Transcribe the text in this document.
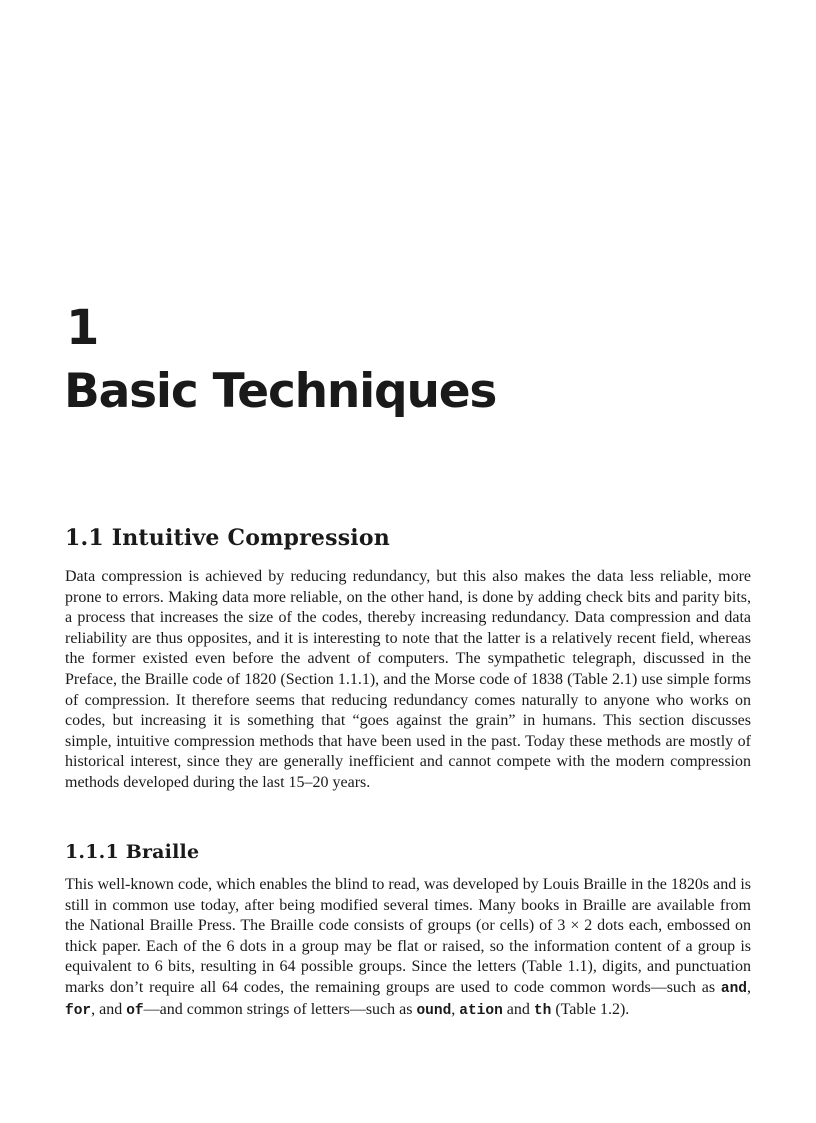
1
Basic Techniques
1.1 Intuitive Compression

Data compression is achieved by reducing redundancy, but this also makes the data less reliable, more prone to errors. Making data more reliable, on the other hand, is done by adding check bits and parity bits, a process that increases the size of the codes, thereby increasing redundancy. Data compression and data reliability are thus opposites, and it is interesting to note that the latter is a relatively recent field, whereas the former existed even before the advent of computers. The sympathetic telegraph, discussed in the Preface, the Braille code of 1820 (Section 1.1.1), and the Morse code of 1838 (Table 2.1) use simple forms of compression. It therefore seems that reducing redundancy comes naturally to anyone who works on codes, but increasing it is something that “goes against the grain” in humans. This section discusses simple, intuitive compression methods that have been used in the past. Today these methods are mostly of historical interest, since they are generally inefficient and cannot compete with the modern compression methods developed during the last 15–20 years.

1.1.1 Braille

This well-known code, which enables the blind to read, was developed by Louis Braille in the 1820s and is still in common use today, after being modified several times. Many books in Braille are available from the National Braille Press. The Braille code consists of groups (or cells) of 3 × 2 dots each, embossed on thick paper. Each of the 6 dots in a group may be flat or raised, so the information content of a group is equivalent to 6 bits, resulting in 64 possible groups. Since the letters (Table 1.1), digits, and punctuation marks don’t require all 64 codes, the remaining groups are used to code common words—such as and, for, and of—and common strings of letters—such as ound, ation and th (Table 1.2).
